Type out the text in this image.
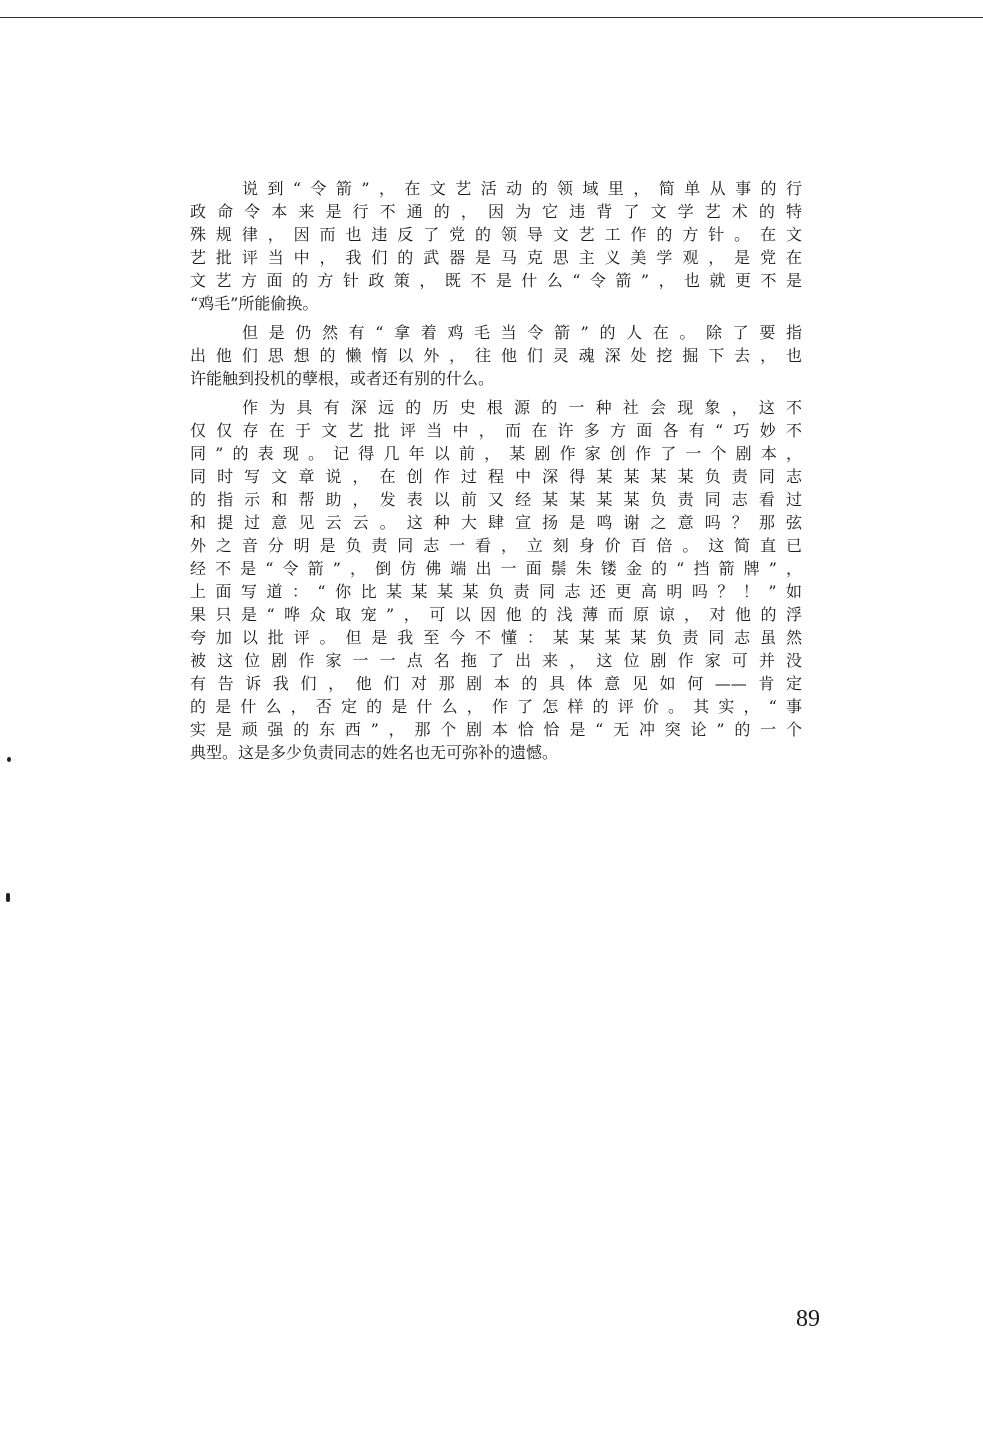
说到“令箭”，在文艺活动的领域里，简单从事的行
政命令本来是行不通的，因为它违背了文学艺术的特
殊规律，因而也违反了党的领导文艺工作的方针。在文
艺批评当中，我们的武器是马克思主义美学观，是党在
文艺方面的方针政策，既不是什么“令箭”，也就更不是
“鸡毛”所能偷换。
但是仍然有“拿着鸡毛当令箭”的人在。除了要指
出他们思想的懒惰以外，往他们灵魂深处挖掘下去，也
许能触到投机的孽根，或者还有别的什么。
作为具有深远的历史根源的一种社会现象，这不
仅仅存在于文艺批评当中，而在许多方面各有“巧妙不
同”的表现。记得几年以前，某剧作家创作了一个剧本，
同时写文章说，在创作过程中深得某某某某负责同志
的指示和帮助，发表以前又经某某某某负责同志看过
和提过意见云云。这种大肆宣扬是鸣谢之意吗？那弦
外之音分明是负责同志一看，立刻身价百倍。这简直已
经不是“令箭”，倒仿佛端出一面鬃朱镂金的“挡箭牌”，
上面写道：“你比某某某某负责同志还更高明吗？！”如
果只是“哗众取宠”，可以因他的浅薄而原谅，对他的浮
夸加以批评。但是我至今不懂：某某某某负责同志虽然
被这位剧作家一一点名拖了出来，这位剧作家可并没
有告诉我们，他们对那剧本的具体意见如何——肯定
的是什么，否定的是什么，作了怎样的评价。其实，“事
实是顽强的东西”，那个剧本恰恰是“无冲突论”的一个
典型。这是多少负责同志的姓名也无可弥补的遗憾。
89
